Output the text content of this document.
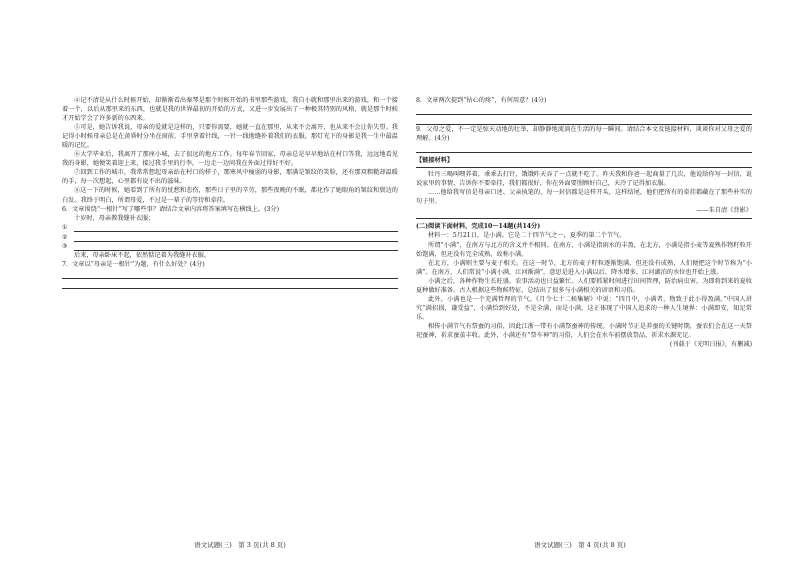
④记不清是从什么时候开始，却渐渐看出秦琴是那个时候开始的书里那些游戏，我自小就和那里出来的游戏，和一个接着一个，以后从那里来的东西，也就是我的世界最初的开始的方式，又进一步发展出了一种极其特别的风格，就是那个时候才开始学会了许多新的东西来。

⑤可是，她告诉我说，母亲的爱就是这样的，只要你需要，她就一直在那里，从来不会离开，也从来不会让你失望。我记得小时候母亲总是在黄昏时分坐在窗前，手里拿着针线，一针一线地缝补着我们的衣服，那灯光下的身影是我一生中最温暖的记忆。

⑥大学毕业后，我离开了那座小城，去了很远的地方工作。每年春节回家，母亲总是早早地站在村口等我，远远地看见我的身影，她便笑着迎上来，接过我手里的行李，一边走一边问我在外面过得好不好。

⑦回到工作的城市，我常常想起母亲站在村口的样子，那寒风中瘦弱的身影，那满是皱纹的笑脸，还有那双粗糙却温暖的手，每一次想起，心里都有说不出的滋味。

⑧这一下的时候，她看到了所有的忧愁和悲伤，那些日子里的辛劳，那些夜晚的不眠，都化作了她眼角的皱纹和鬓边的白发。我终于明白，所谓母爱，不过是一辈子的等待和牵挂。

6．文章围绕“一根针”写了哪些事？请结合文章内容将答案填写在横线上。(3分)

十岁时，母亲教我缝补衣服；

①
②
③

后来，母亲卧床不起，依然惦记着为我缝补衣服。

7．文章以“母亲是一根针”为题，有什么好处？(4分)

8．文章两次提到“钻心的疼”，有何用意？(4分)

9．父母之爱，不一定是惊天动地的壮举，却静静地流淌在生活的每一瞬间。请结合本文及链接材料，谈谈你对父母之爱的理解。(4分)

【链接材料】

牡丹三喝叫喂养着，乖乖去打针，饿饿昨天吞了一点就不吃了。昨天我和你爸一起商量了几次，他说给你写一封信，说说家里的事情，告诉你不要牵挂，我们都很好，你在外面要照顾好自己，天冷了记得加衣服。

……他给我写信是母亲口述、父亲执笔的，每一封信都是这样开头，这样结尾，他们把所有的牵挂都藏在了那些朴实的句子里。

——朱自清《背影》

(二)阅读下面材料，完成10～14题(共14分)

材料一：5月21日，是小满。它是二十四节气之一，夏季的第二个节气。

所谓“小满”，在南方与北方的含义并不相同。在南方，小满是指雨水的丰盈，在北方，小满是指小麦等夏熟作物籽粒开始饱满，但还没有完全成熟，故称小满。

在北方，小满则主要与麦子相关。在这一时节，北方的麦子籽粒逐渐饱满，但还没有成熟，人们便把这个时节称为“小满”。在南方，人们常说“小满小满，江河渐满”，意思是进入小满以后，降水增多，江河湖泊的水位也开始上涨。

小满之后，各种作物生长旺盛，农事活动也日益繁忙。人们要抓紧时间进行田间管理，防治病虫害，为即将到来的夏收夏种做好准备。古人根据这些物候特征，总结出了很多与小满相关的谚语和习俗。

此外，小满也是一个充满哲理的节气。《月令七十二候集解》中说：“四月中，小满者，物致于此小得盈满。”中国人讲究“满招损，谦受益”，小满恰到好处，不是全满，而是小满，这正体现了中国人追求的一种人生境界：小满即安，知足常乐。

相传小满节气有祭蚕的习俗，因此江浙一带有小满祭蚕神的传统。小满时节正是养蚕的关键时期，蚕农们会在这一天祭祀蚕神，祈求蚕茧丰收。此外，小满还有“祭车神”的习俗，人们会在水车前摆放祭品，祈求水源充足。

(刊载于《光明日报》，有删减)

语文试题(三)　第 3 页(共 8 页)	语文试题(三)　第 4 页(共 8 页)
